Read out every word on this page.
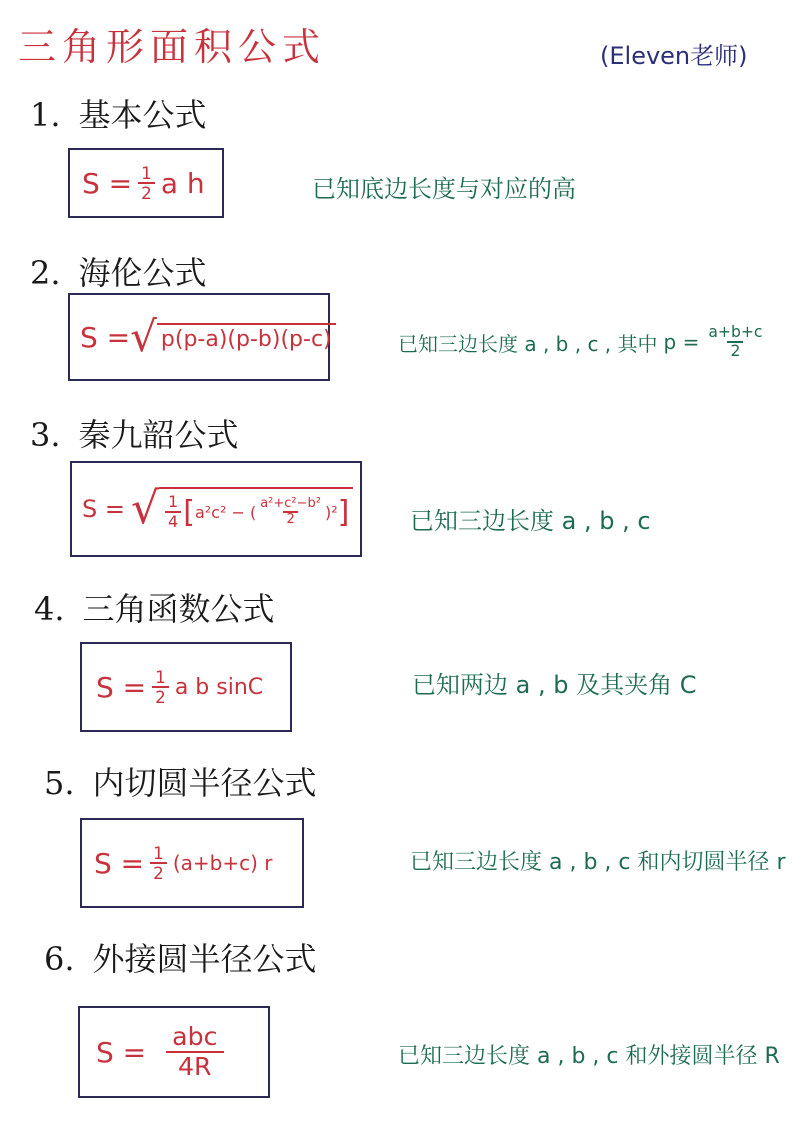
三角形面积公式	(Eleven老师)
1. 基本公式
$S = \frac{1}{2}$ a h	已知底边长度与对应的高
2. 海伦公式
S = √ p(p-a)(p-b)(p-c)	已知三边长度 a , b , c , 其中 $p = \frac{a+b+c}{2}$
3. 秦九韶公式
S = √ $\frac{1}{4}$ [ a²c² − ( $\frac{\text{a²+c²−b²}}{2} )^2$ ]	已知三边长度 a , b , c
4. 三角函数公式
$S = \frac{1}{2}$ a b sinC	已知两边 a , b 及其夹角 C
5. 内切圆半径公式
$S = \frac{1}{2} (a+b+c)$ r	已知三边长度 a , b , c 和内切圆半径 r
6. 外接圆半径公式
$S = \frac{\text{abc}}{4R}$	已知三边长度 a , b , c 和外接圆半径 R
